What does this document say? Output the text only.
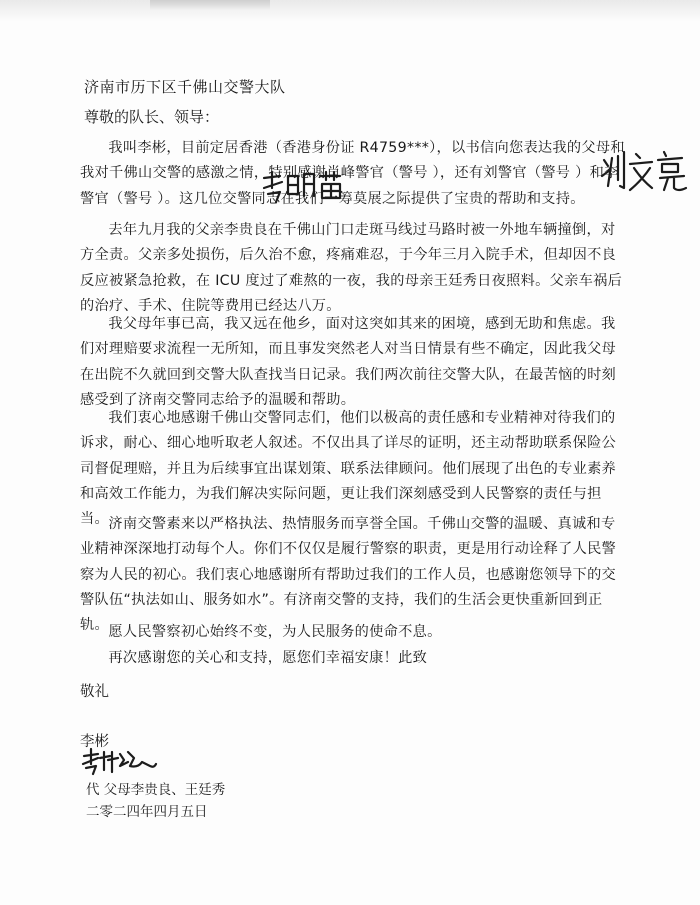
济南市历下区千佛山交警大队
尊敬的队长、领导：

我叫李彬，目前定居香港（香港身份证 R4759***），以书信向您表达我的父母和我对千佛山交警的感激之情，特别感谢肖峰警官（警号 ），还有刘警官（警号 ）和李警官（警号 ）。这几位交警同志在我们一筹莫展之际提供了宝贵的帮助和支持。

去年九月我的父亲李贵良在千佛山门口走斑马线过马路时被一外地车辆撞倒，对方全责。父亲多处损伤，后久治不愈，疼痛难忍，于今年三月入院手术，但却因不良反应被紧急抢救，在 ICU 度过了难熬的一夜，我的母亲王廷秀日夜照料。父亲车祸后的治疗、手术、住院等费用已经达八万。

我父母年事已高，我又远在他乡，面对这突如其来的困境，感到无助和焦虑。我们对理赔要求流程一无所知，而且事发突然老人对当日情景有些不确定，因此我父母在出院不久就回到交警大队查找当日记录。我们两次前往交警大队，在最苦恼的时刻感受到了济南交警同志给予的温暖和帮助。

我们衷心地感谢千佛山交警同志们，他们以极高的责任感和专业精神对待我们的诉求，耐心、细心地听取老人叙述。不仅出具了详尽的证明，还主动帮助联系保险公司督促理赔，并且为后续事宜出谋划策、联系法律顾问。他们展现了出色的专业素养和高效工作能力，为我们解决实际问题，更让我们深刻感受到人民警察的责任与担当。 济南交警素来以严格执法、热情服务而享誉全国。千佛山交警的温暖、真诚和专业精神深深地打动每个人。你们不仅仅是履行警察的职责，更是用行动诠释了人民警察为人民的初心。我们衷心地感谢所有帮助过我们的工作人员，也感谢您领导下的交警队伍“执法如山、服务如水”。有济南交警的支持，我们的生活会更快重新回到正轨。 愿人民警察初心始终不变，为人民服务的使命不息。

再次感谢您的关心和支持，愿您们幸福安康！此致

敬礼
李彬
代 父母李贵良、王廷秀
二零二四年四月五日
